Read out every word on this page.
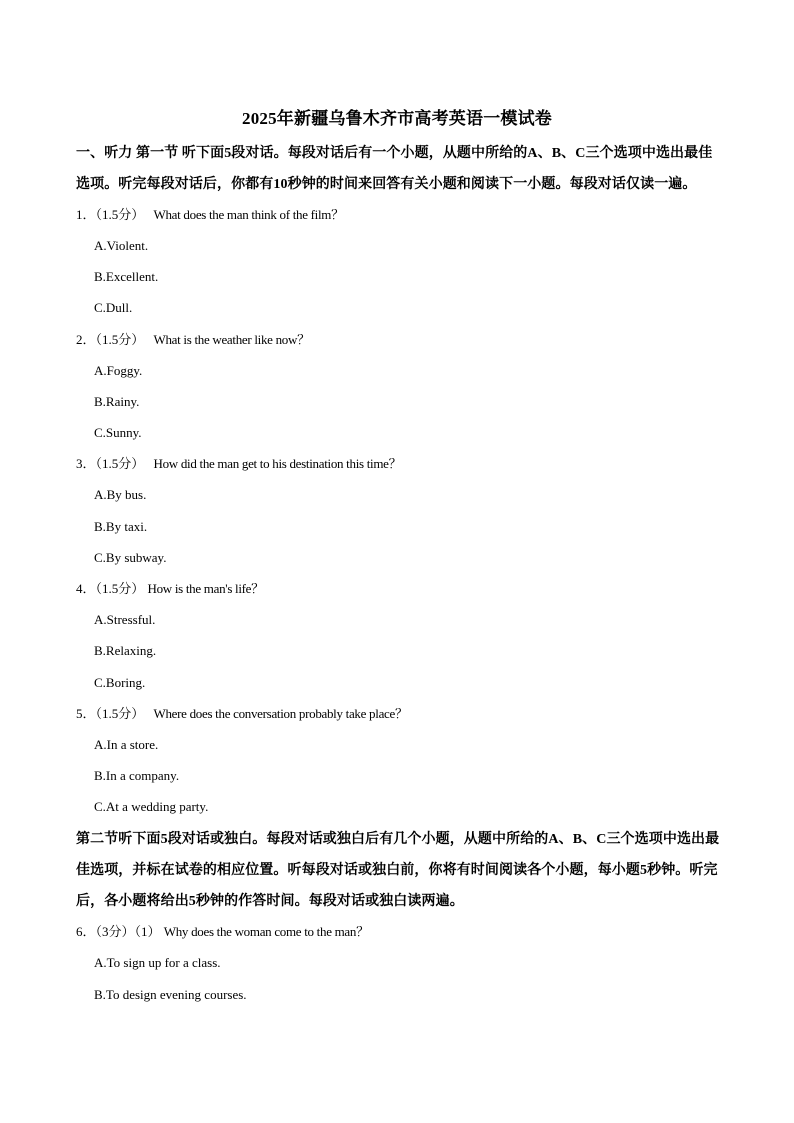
2025年新疆乌鲁木齐市高考英语一模试卷
一、听力 第一节 听下面5段对话。每段对话后有一个小题，从题中所给的A、B、C三个选项中选出最佳选项。听完每段对话后，你都有10秒钟的时间来回答有关小题和阅读下一小题。每段对话仅读一遍。
1．（1.5分） What does the man think of the film？
A.Violent.
B.Excellent.
C.Dull.
2．（1.5分） What is the weather like now？
A.Foggy.
B.Rainy.
C.Sunny.
3．（1.5分） How did the man get to his destination this time？
A.By bus.
B.By taxi.
C.By subway.
4．（1.5分） How is the man's life？
A.Stressful.
B.Relaxing.
C.Boring.
5．（1.5分） Where does the conversation probably take place？
A.In a store.
B.In a company.
C.At a wedding party.
第二节听下面5段对话或独白。每段对话或独白后有几个小题，从题中所给的A、B、C三个选项中选出最佳选项，并标在试卷的相应位置。听每段对话或独白前，你将有时间阅读各个小题，每小题5秒钟。听完后，各小题将给出5秒钟的作答时间。每段对话或独白读两遍。
6．（3分）（1） Why does the woman come to the man？
A.To sign up for a class.
B.To design evening courses.
